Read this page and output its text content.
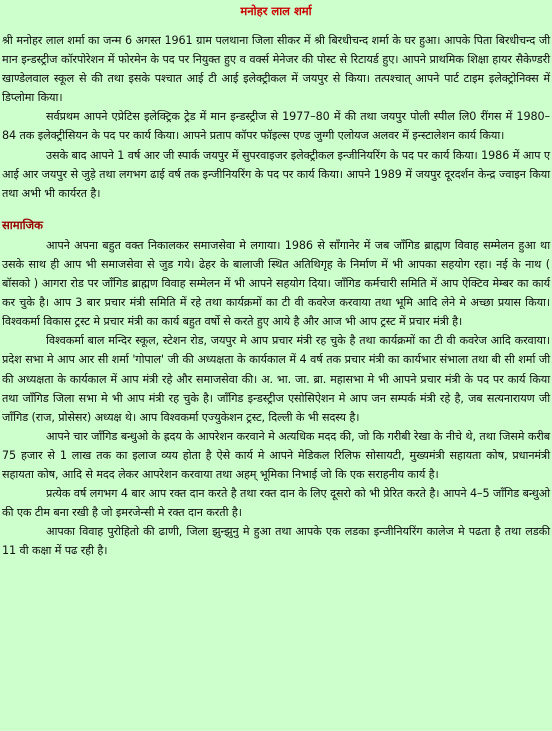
मनोहर लाल शर्मा

श्री मनोहर लाल शर्मा का जन्म 6 अगस्त 1961 ग्राम पलथाना जिला सीकर में श्री बिरधीचन्द शर्मा के घर हुआ। आपके पिता बिरधीचन्द जी मान इन्डस्ट्रीज कॉरपोरेशन में फोरमेन के पद पर नियुक्त हुए व वर्क्स मेनेजर की पोस्ट से रिटायर्ड हुए। आपने प्राथमिक शिक्षा हायर सैकेण्डरी खाण्डेलवाल स्कूल से की तथा इसके पश्चात आई टी आई इलेक्ट्रीकल में जयपुर से किया। तत्पश्चात् आपने पार्ट टाइम इलेक्ट्रोनिक्स में डिप्लोमा किया।

सर्वप्रथम आपने एप्रेटिस इलेक्ट्रिक ट्रेड में मान इन्डस्ट्रीज से 1977–80 में की तथा जयपुर पोली स्पील लि0 रींगस में 1980–84 तक इलेक्ट्रीसियन के पद पर कार्य किया। आपने प्रताप कॉपर फॉइल्स एण्ड जुग्गी एलोयज अलवर में इन्स्टालेशन कार्य किया।

उसके बाद आपने 1 वर्ष आर जी स्पार्क जयपुर में सुपरवाइजर इलेक्ट्रीकल इन्जीनियरिंग के पद पर कार्य किया। 1986 में आप ए आई आर जयपुर से जुड़े तथा लगभग ढाई वर्ष तक इन्जीनियरिंग के पद पर कार्य किया। आपने 1989 में जयपुर दूरदर्शन केन्द्र ज्वाइन किया तथा अभी भी कार्यरत है।

सामाजिक

आपने अपना बहुत वक्त निकालकर समाजसेवा मे लगाया। 1986 से सॉंगानेर में जब जॉंगिड ब्राह्मण विवाह सम्मेलन हुआ था उसके साथ ही आप भी समाजसेवा से जुड गये। ढेहर के बालाजी स्थित अतिथिगृह के निर्माण में भी आपका सहयोग रहा। नई के नाथ ( बॉसको ) आगरा रोड पर जॉंगिड ब्राह्मण विवाह सम्मेलन में भी आपने सहयोग दिया। जॉंगिड कर्मचारी समिति में आप ऐक्टिव मेम्बर का कार्य कर चुके है। आप 3 बार प्रचार मंत्री समिति में रहे तथा कार्यक्रमों का टी वी कवरेज करवाया तथा भूमि आदि लेने मे अच्छा प्रयास किया। विश्वकर्मा विकास ट्रस्ट मे प्रचार मंत्री का कार्य बहुत वर्षो से करते हुए आये है और आज भी आप ट्रस्ट में प्रचार मंत्री है।

विश्वकर्मा बाल मन्दिर स्कूल, स्टेशन रोड, जयपुर मे आप प्रचार मंत्री रह चुके है तथा कार्यक्रमों का टी वी कवरेज आदि करवाया। प्रदेश सभा मे आप आर सी शर्मा 'गोपाल' जी की अध्यक्षता के कार्यकाल में 4 वर्ष तक प्रचार मंत्री का कार्यभार संभाला तथा बी सी शर्मा जी की अध्यक्षता के कार्यकाल में आप मंत्री रहे और समाजसेवा की। अ. भा. जा. ब्रा. महासभा मे भी आपने प्रचार मंत्री के पद पर कार्य किया तथा जॉंगिड जिला सभा मे भी आप मंत्री रह चुके है। जॉंगिड इन्डस्ट्रीज एसोसिऐशन मे आप जन सम्पर्क मंत्री रहे है, जब सत्यनारायण जी जॉंगिड (राज, प्रोसेसर) अध्यक्ष थे। आप विश्वकर्मा एज्युकेशन ट्रस्ट, दिल्ली के भी सदस्य है।

आपने चार जॉंगिड बन्धुओ के ह्रदय के आपरेशन करवाने मे अत्यधिक मदद की, जो कि गरीबी रेखा के नीचे थे, तथा जिसमे करीब 75 हजार से 1 लाख तक का इलाज व्यय होता है ऐसे कार्य मे आपने मेडिकल रिलिफ सोसायटी, मुख्यमंत्री सहायता कोष, प्रधानमंत्री सहायता कोष, आदि से मदद लेकर आपरेशन करवाया तथा अहम् भूमिका निभाई जो कि एक सराहनीय कार्य है।

प्रत्येक वर्ष लगभग 4 बार आप रक्त दान करते है तथा रक्त दान के लिए दूसरो को भी प्रेरित करते है। आपने 4–5 जॉंगिड बन्धुओ की एक टीम बना रखी है जो इमरजेन्सी मे रक्त दान करती है।

आपका विवाह पुरोहितो की ढाणी, जिला झुन्झुनु मे हुआ तथा आपके एक लडका इन्जीनियरिंग कालेज मे पढता है तथा लडकी 11 वी कक्षा में पढ रही है।
